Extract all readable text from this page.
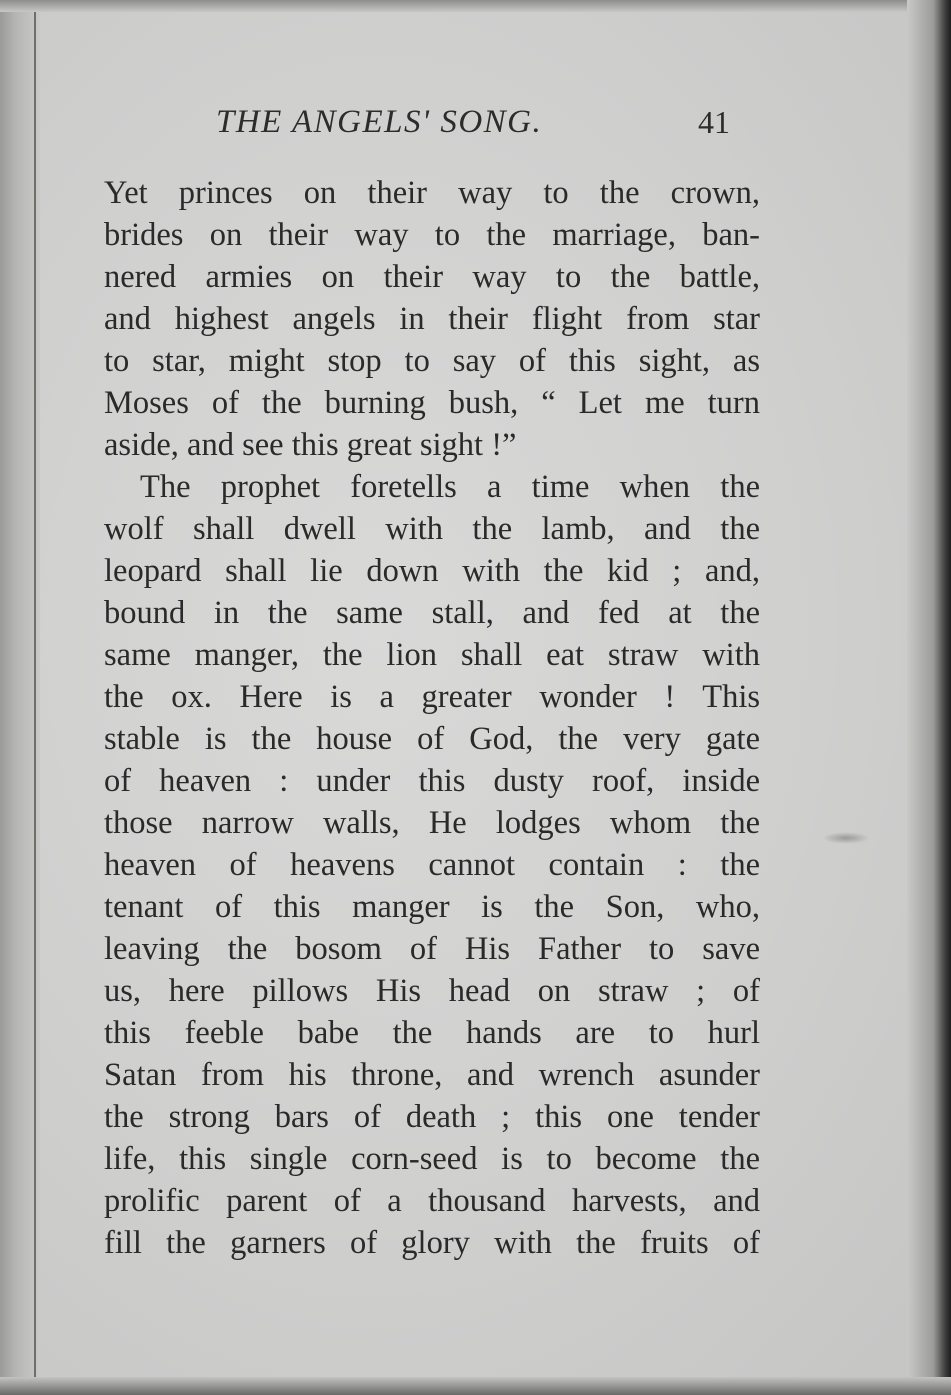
THE ANGELS' SONG.	41
Yet princes on their way to the crown,
brides on their way to the marriage, ban-
nered armies on their way to the battle,
and highest angels in their flight from star
to star, might stop to say of this sight, as
Moses of the burning bush, “ Let me turn
aside, and see this great sight !”
The prophet foretells a time when the
wolf shall dwell with the lamb, and the
leopard shall lie down with the kid ; and,
bound in the same stall, and fed at the
same manger, the lion shall eat straw with
the ox. Here is a greater wonder ! This
stable is the house of God, the very gate
of heaven : under this dusty roof, inside
those narrow walls, He lodges whom the
heaven of heavens cannot contain : the
tenant of this manger is the Son, who,
leaving the bosom of His Father to save
us, here pillows His head on straw ; of
this feeble babe the hands are to hurl
Satan from his throne, and wrench asunder
the strong bars of death ; this one tender
life, this single corn-seed is to become the
prolific parent of a thousand harvests, and
fill the garners of glory with the fruits of
